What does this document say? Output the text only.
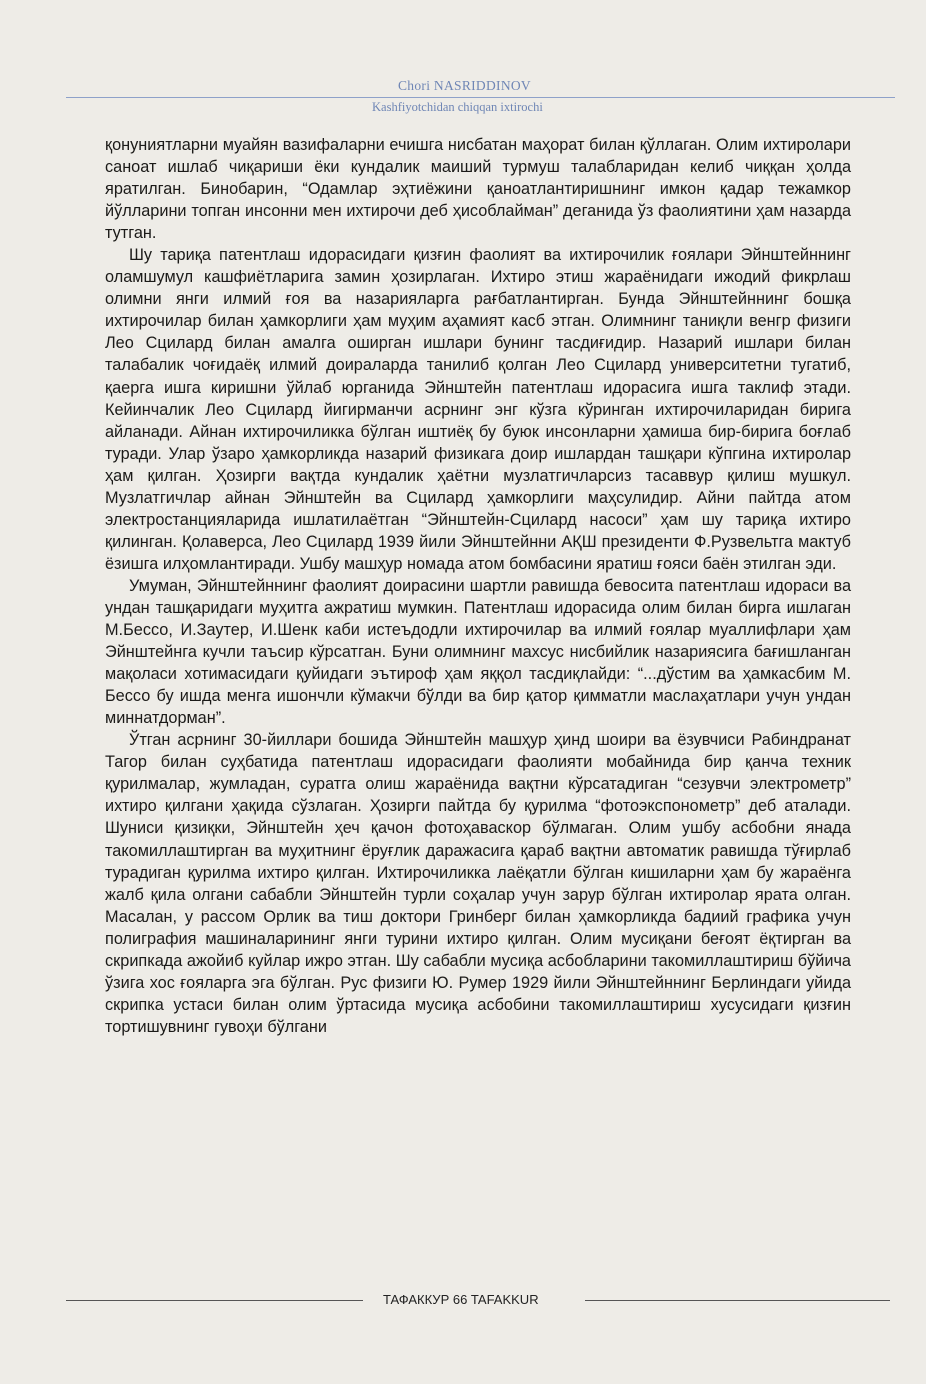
Chori NASRIDDINOV
Kashfiyotchidan chiqqan ixtirochi

қонуниятларни муайян вазифаларни ечишга нисбатан маҳорат билан қўллаган. Олим ихтиролари саноат ишлаб чиқариши ёки кундалик маиший турмуш талабларидан келиб чиққан ҳолда яратилган. Бинобарин, “Одамлар эҳтиёжини қаноатлантиришнинг имкон қадар тежамкор йўлларини топган инсонни мен ихтирочи деб ҳисоблайман” деганида ўз фаолиятини ҳам назарда тутган.

Шу тариқа патентлаш идорасидаги қизғин фаолият ва ихтирочилик ғоялари Эйнштейннинг оламшумул кашфиётларига замин ҳозирлаган. Ихтиро этиш жараёнидаги ижодий фикрлаш олимни янги илмий ғоя ва назарияларга рағбатлантирган. Бунда Эйнштейннинг бошқа ихтирочилар билан ҳамкорлиги ҳам муҳим аҳамият касб этган. Олимнинг таниқли венгр физиги Лео Сцилард билан амалга оширган ишлари бунинг тасдиғидир. Назарий ишлари билан талабалик чоғидаёқ илмий доираларда танилиб қолган Лео Сцилард университетни тугатиб, қаерга ишга киришни ўйлаб юрганида Эйнштейн патентлаш идорасига ишга таклиф этади. Кейинчалик Лео Сцилард йигирманчи асрнинг энг кўзга кўринган ихтирочиларидан бирига айланади. Айнан ихтирочиликка бўлган иштиёқ бу буюк инсонларни ҳамиша бир-бирига боғлаб туради. Улар ўзаро ҳамкорликда назарий физикага доир ишлардан ташқари кўпгина ихтиролар ҳам қилган. Ҳозирги вақтда кундалик ҳаётни музлатгичларсиз тасаввур қилиш мушкул. Музлатгичлар айнан Эйнштейн ва Сцилард ҳамкорлиги маҳсулидир. Айни пайтда атом электростанцияларида ишлатилаётган “Эйнштейн-Сцилард насоси” ҳам шу тариқа ихтиро қилинган. Қолаверса, Лео Сцилард 1939 йили Эйнштейнни АҚШ президенти Ф.Рузвельтга мактуб ёзишга илҳомлантиради. Ушбу машҳур номада атом бомбасини яратиш ғояси баён этилган эди.

Умуман, Эйнштейннинг фаолият доирасини шартли равишда бевосита патентлаш идораси ва ундан ташқаридаги муҳитга ажратиш мумкин. Патентлаш идорасида олим билан бирга ишлаган М.Бессо, И.Заутер, И.Шенк каби истеъдодли ихтирочилар ва илмий ғоялар муаллифлари ҳам Эйнштейнга кучли таъсир кўрсатган. Буни олимнинг махсус нисбийлик назариясига бағишланган мақоласи хотимасидаги қуйидаги эътироф ҳам яққол тасдиқлайди: “...дўстим ва ҳамкасбим М. Бессо бу ишда менга ишончли кўмакчи бўлди ва бир қатор қимматли маслаҳатлари учун ундан миннатдорман”.

Ўтган асрнинг 30-йиллари бошида Эйнштейн машҳур ҳинд шоири ва ёзувчиси Рабиндранат Тагор билан суҳбатида патентлаш идорасидаги фаолияти мобайнида бир қанча техник қурилмалар, жумладан, суратга олиш жараёнида вақтни кўрсатадиган “сезувчи электрометр” ихтиро қилгани ҳақида сўзлаган. Ҳозирги пайтда бу қурилма “фотоэкспонометр” деб аталади. Шуниси қизиқки, Эйнштейн ҳеч қачон фотоҳаваскор бўлмаган. Олим ушбу асбобни янада такомиллаштирган ва муҳитнинг ёруғлик даражасига қараб вақтни автоматик равишда тўғирлаб турадиган қурилма ихтиро қилган. Ихтирочиликка лаёқатли бўлган кишиларни ҳам бу жараёнга жалб қила олгани сабабли Эйнштейн турли соҳалар учун зарур бўлган ихтиролар ярата олган. Масалан, у рассом Орлик ва тиш доктори Гринберг билан ҳамкорликда бадиий графика учун полиграфия машиналарининг янги турини ихтиро қилган. Олим мусиқани беғоят ёқтирган ва скрипкада ажойиб куйлар ижро этган. Шу сабабли мусиқа асбобларини такомиллаштириш бўйича ўзига хос ғояларга эга бўлган. Рус физиги Ю. Румер 1929 йили Эйнштейннинг Берлиндаги уйида скрипка устаси билан олим ўртасида мусиқа асбобини такомиллаштириш хусусидаги қизғин тортишувнинг гувоҳи бўлгани

ТАФАККУР 66 TAFAKKUR
